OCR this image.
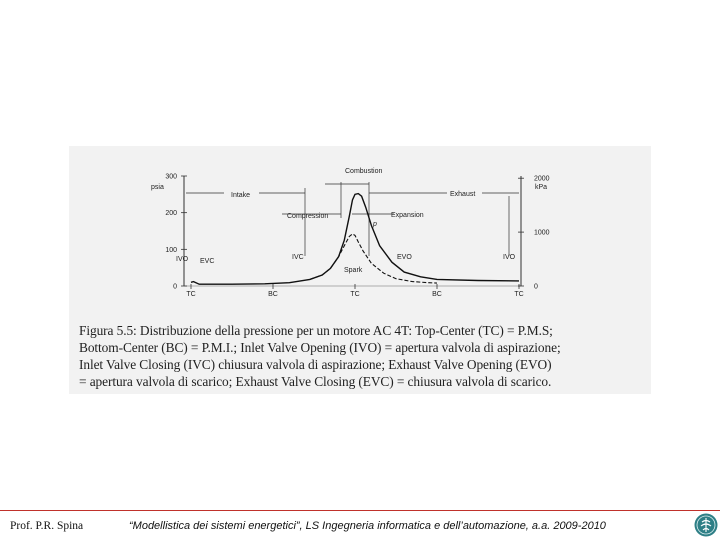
300
200
100
0
psia
2000
1000
0
kPa
TC	BC	TC	BC	TC
Intake
Compression
Combustion
Expansion
Exhaust
IVO EVC
IVC
Spark
EVO	IVO
p
Figura 5.5: Distribuzione della pressione per un motore AC 4T: Top-Center (TC) = P.M.S;
Bottom-Center (BC) = P.M.I.; Inlet Valve Opening (IVO) = apertura valvola di aspirazione;
Inlet Valve Closing (IVC) chiusura valvola di aspirazione; Exhaust Valve Opening (EVO)
= apertura valvola di scarico; Exhaust Valve Closing (EVC) = chiusura valvola di scarico.
Prof. P.R. Spina	“Modellistica dei sistemi energetici”, LS Ingegneria informatica e dell’automazione, a.a. 2009-2010
